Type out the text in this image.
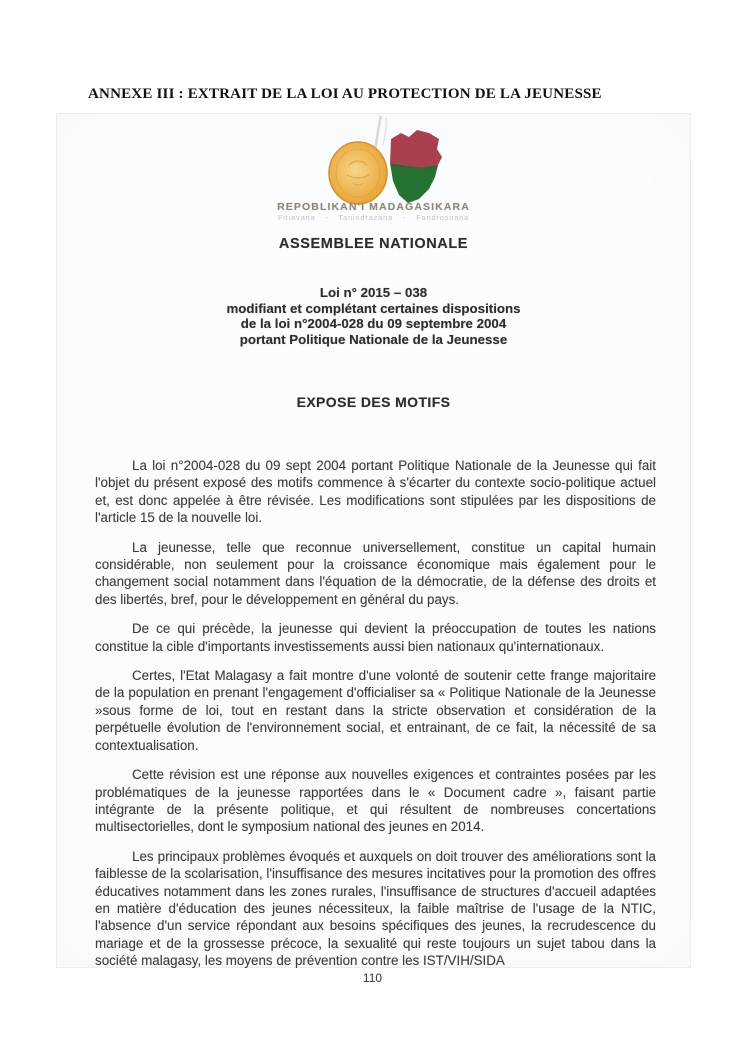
ANNEXE III : EXTRAIT DE LA LOI AU PROTECTION DE LA JEUNESSE
REPOBLIKAN'I MADAGASIKARA
Fitiavana - Tanindrazana - Fandrosoana
ASSEMBLEE NATIONALE
Loi n° 2015 – 038
modifiant et complétant certaines dispositions
de la loi n°2004-028 du 09 septembre 2004
portant Politique Nationale de la Jeunesse
EXPOSE DES MOTIFS

La loi n°2004-028 du 09 sept 2004 portant Politique Nationale de la Jeunesse qui fait l'objet du présent exposé des motifs commence à s'écarter du contexte socio-politique actuel et, est donc appelée à être révisée. Les modifications sont stipulées par les dispositions de l'article 15 de la nouvelle loi.

La jeunesse, telle que reconnue universellement, constitue un capital humain considérable, non seulement pour la croissance économique mais également pour le changement social notamment dans l'équation de la démocratie, de la défense des droits et des libertés, bref, pour le développement en général du pays.

De ce qui précède, la jeunesse qui devient la préoccupation de toutes les nations constitue la cible d'importants investissements aussi bien nationaux qu'internationaux.

Certes, l'Etat Malagasy a fait montre d'une volonté de soutenir cette frange majoritaire de la population en prenant l'engagement d'officialiser sa « Politique Nationale de la Jeunesse »sous forme de loi, tout en restant dans la stricte observation et considération de la perpétuelle évolution de l'environnement social, et entrainant, de ce fait, la nécessité de sa contextualisation.

Cette révision est une réponse aux nouvelles exigences et contraintes posées par les problématiques de la jeunesse rapportées dans le « Document cadre », faisant partie intégrante de la présente politique, et qui résultent de nombreuses concertations multisectorielles, dont le symposium national des jeunes en 2014.

Les principaux problèmes évoqués et auxquels on doit trouver des améliorations sont la faiblesse de la scolarisation, l'insuffisance des mesures incitatives pour la promotion des offres éducatives notamment dans les zones rurales, l'insuffisance de structures d'accueil adaptées en matière d'éducation des jeunes nécessiteux, la faible maîtrise de l'usage de la NTIC, l'absence d'un service répondant aux besoins spécifiques des jeunes, la recrudescence du mariage et de la grossesse précoce, la sexualité qui reste toujours un sujet tabou dans la société malagasy, les moyens de prévention contre les IST/VIH/SIDA

110
